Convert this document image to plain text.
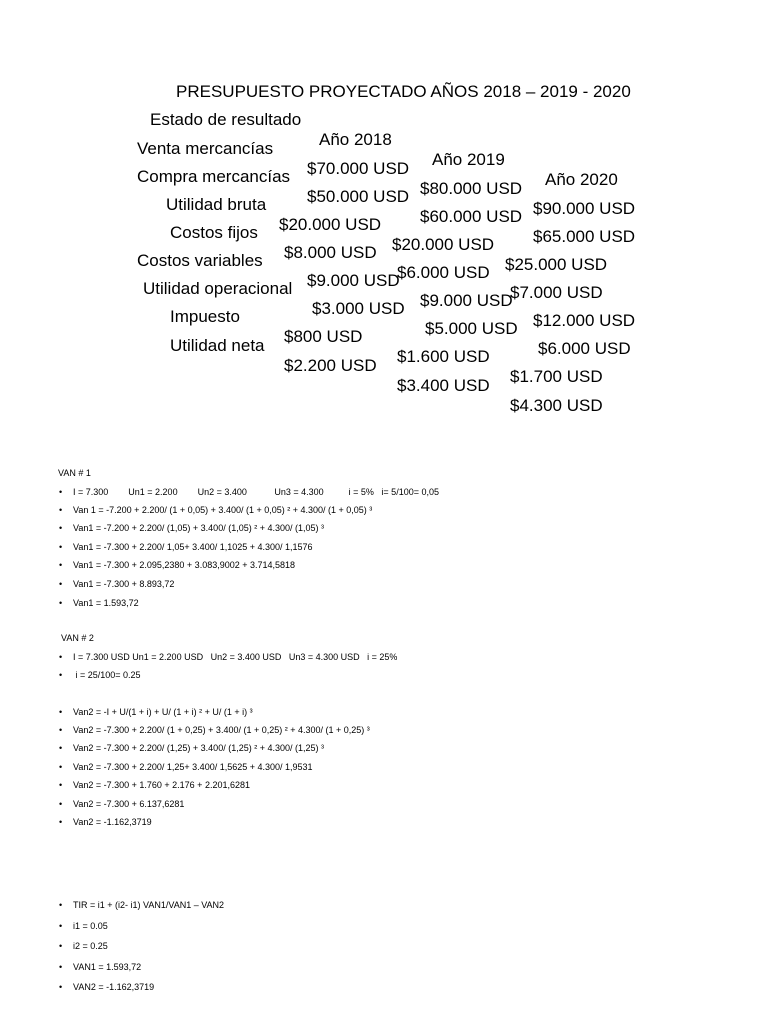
PRESUPUESTO PROYECTADO AÑOS 2018 – 2019 - 2020

Estado de resultado

Año 2018

Año 2019

Año 2020

Venta mercancías

$70.000 USD

$80.000 USD

$90.000 USD

Compra mercancías

$50.000 USD

$60.000 USD

$65.000 USD

Utilidad bruta

$20.000 USD

$20.000 USD

$25.000 USD

Costos fijos

$8.000 USD

$6.000 USD

$7.000 USD

Costos variables

$9.000 USD

$9.000 USD

$12.000 USD

Utilidad operacional

$3.000 USD

$5.000 USD

$6.000 USD

Impuesto

$800 USD

$1.600 USD

$1.700 USD

Utilidad neta

$2.200 USD

$3.400 USD

$4.300 USD

VAN # 1
• I = 7.300        Un1 = 2.200        Un2 = 3.400           Un3 = 4.300          i = 5%   i= 5/100= 0,05
• Van 1 = -7.200 + 2.200/ (1 + 0,05) + 3.400/ (1 + 0,05) ² + 4.300/ (1 + 0,05) ³
• Van1 = -7.200 + 2.200/ (1,05) + 3.400/ (1,05) ² + 4.300/ (1,05) ³
• Van1 = -7.300 + 2.200/ 1,05+ 3.400/ 1,1025 + 4.300/ 1,1576
• Van1 = -7.300 + 2.095,2380 + 3.083,9002 + 3.714,5818
• Van1 = -7.300 + 8.893,72
• Van1 = 1.593,72
VAN # 2
• I = 7.300 USD Un1 = 2.200 USD   Un2 = 3.400 USD   Un3 = 4.300 USD   i = 25%
• i = 25/100= 0.25
• Van2 = -I + U/(1 + i) + U/ (1 + i) ² + U/ (1 + i) ³
• Van2 = -7.300 + 2.200/ (1 + 0,25) + 3.400/ (1 + 0,25) ² + 4.300/ (1 + 0,25) ³
• Van2 = -7.300 + 2.200/ (1,25) + 3.400/ (1,25) ² + 4.300/ (1,25) ³
• Van2 = -7.300 + 2.200/ 1,25+ 3.400/ 1,5625 + 4.300/ 1,9531
• Van2 = -7.300 + 1.760 + 2.176 + 2.201,6281
• Van2 = -7.300 + 6.137,6281
• Van2 = -1.162,3719
• TIR = i1 + (i2- i1) VAN1/VAN1 – VAN2
• i1 = 0.05
• i2 = 0.25
• VAN1 = 1.593,72
• VAN2 = -1.162,3719
